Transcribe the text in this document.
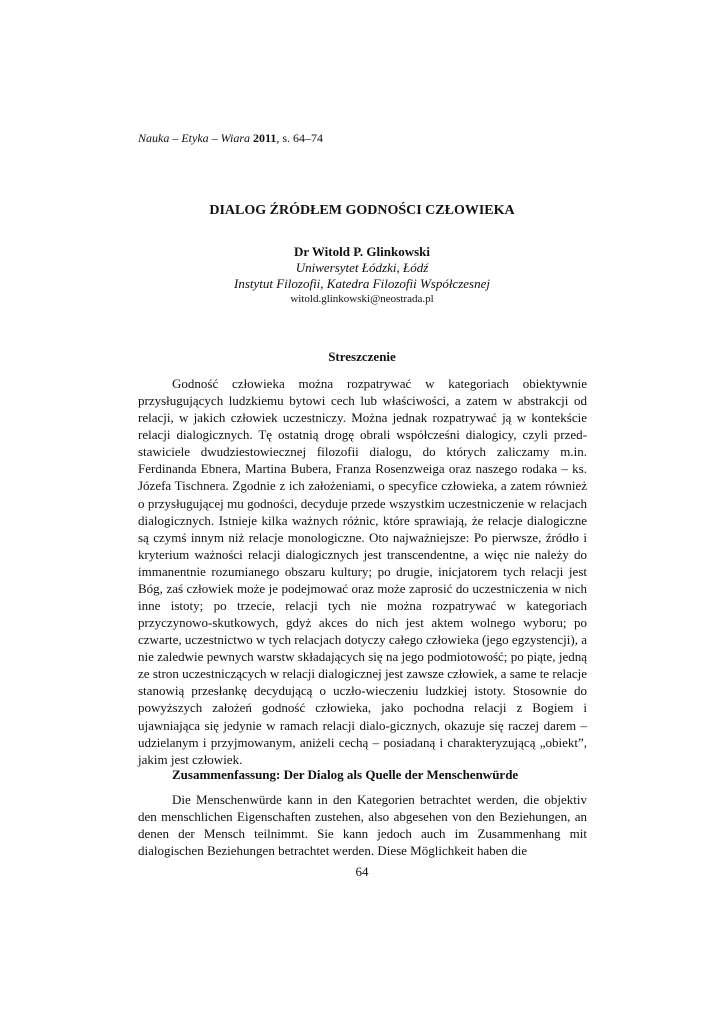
Nauka – Etyka – Wiara 2011, s. 64–74
DIALOG ŹRÓDŁEM GODNOŚCI CZŁOWIEKA
Dr Witold P. Glinkowski
Uniwersytet Łódzki, Łódź
Instytut Filozofii, Katedra Filozofii Współczesnej
witold.glinkowski@neostrada.pl
Streszczenie

Godność człowieka można rozpatrywać w kategoriach obiektywnie przysługujących ludzkiemu bytowi cech lub właściwości, a zatem w abstrakcji od relacji, w jakich człowiek uczestniczy. Można jednak rozpatrywać ją w kontekście relacji dialogicznych. Tę ostatnią drogę obrali współcześni dialogicy, czyli przed-stawiciele dwudziestowiecznej filozofii dialogu, do których zaliczamy m.in. Ferdinanda Ebnera, Martina Bubera, Franza Rosenzweiga oraz naszego rodaka – ks. Józefa Tischnera. Zgodnie z ich założeniami, o specyfice człowieka, a zatem również o przysługującej mu godności, decyduje przede wszystkim uczestniczenie w relacjach dialogicznych. Istnieje kilka ważnych różnic, które sprawiają, że relacje dialogiczne są czymś innym niż relacje monologiczne. Oto najważniejsze: Po pierwsze, źródło i kryterium ważności relacji dialogicznych jest transcendentne, a więc nie należy do immanentnie rozumianego obszaru kultury; po drugie, inicjatorem tych relacji jest Bóg, zaś człowiek może je podejmować oraz może zaprosić do uczestniczenia w nich inne istoty; po trzecie, relacji tych nie można rozpatrywać w kategoriach przyczynowo-skutkowych, gdyż akces do nich jest aktem wolnego wyboru; po czwarte, uczestnictwo w tych relacjach dotyczy całego człowieka (jego egzystencji), a nie zaledwie pewnych warstw składających się na jego podmiotowość; po piąte, jedną ze stron uczestniczących w relacji dialogicznej jest zawsze człowiek, a same te relacje stanowią przesłankę decydującą o uczło-wieczeniu ludzkiej istoty. Stosownie do powyższych założeń godność człowieka, jako pochodna relacji z Bogiem i ujawniająca się jedynie w ramach relacji dialo-gicznych, okazuje się raczej darem – udzielanym i przyjmowanym, aniżeli cechą – posiadaną i charakteryzującą „obiekt”, jakim jest człowiek.

Zusammenfassung: Der Dialog als Quelle der Menschenwürde

Die Menschenwürde kann in den Kategorien betrachtet werden, die objektiv den menschlichen Eigenschaften zustehen, also abgesehen von den Beziehungen, an denen der Mensch teilnimmt. Sie kann jedoch auch im Zusammenhang mit dialogischen Beziehungen betrachtet werden. Diese Möglichkeit haben die

64
